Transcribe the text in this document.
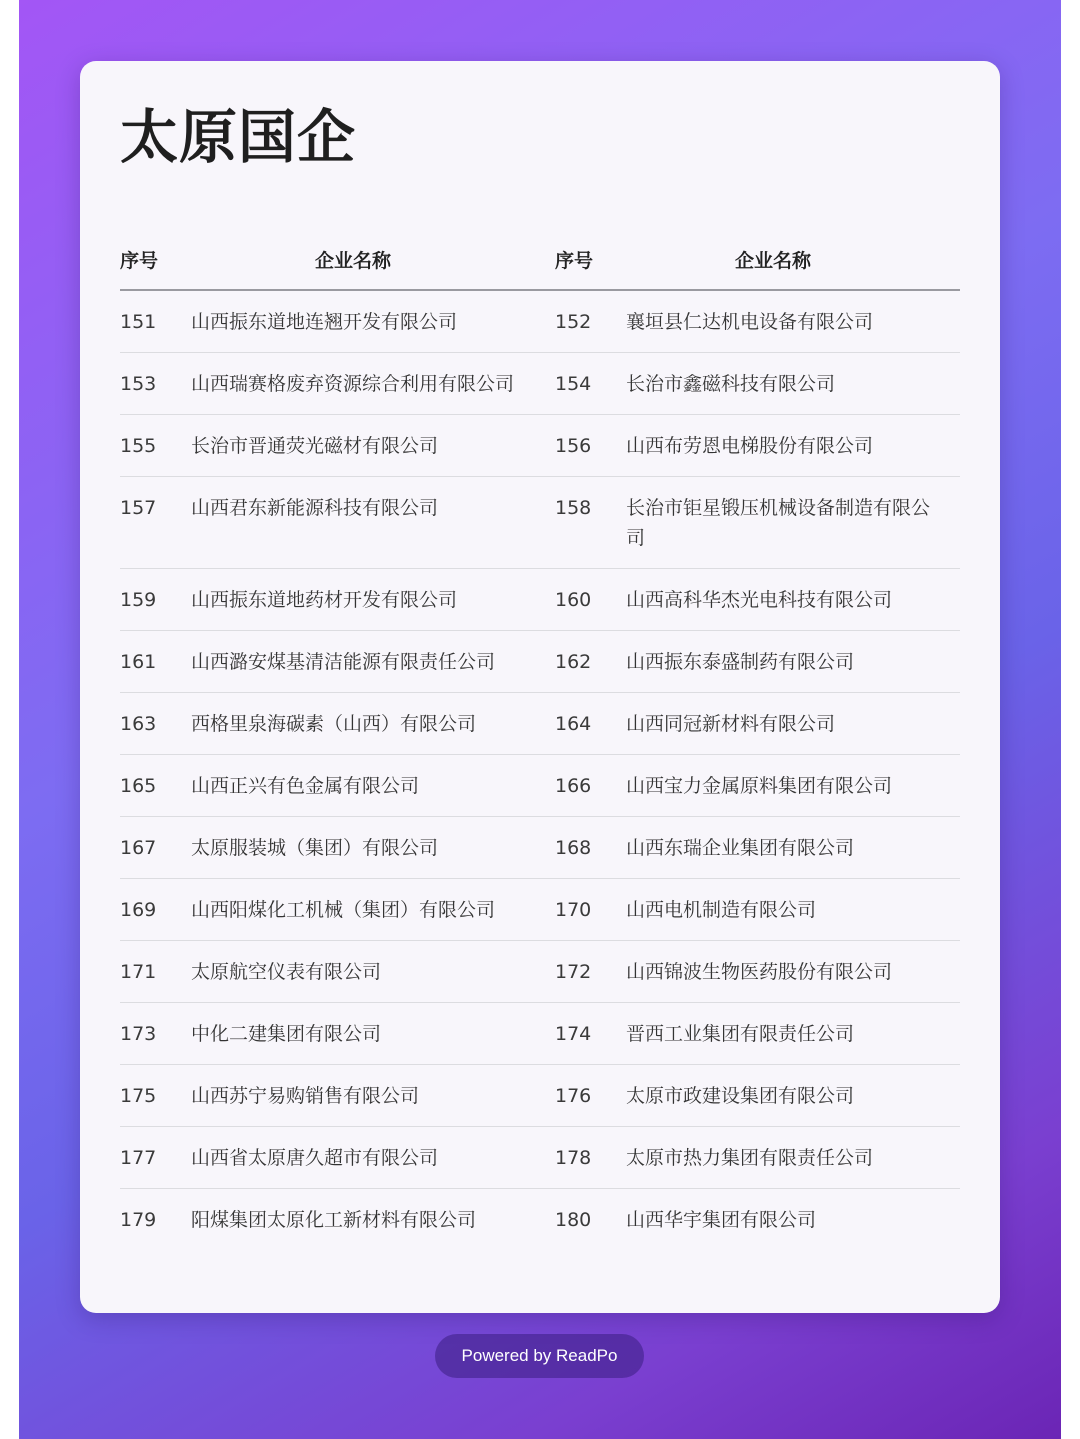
太原国企
序号	企业名称	序号	企业名称
151	山西振东道地连翘开发有限公司	152	襄垣县仁达机电设备有限公司
153	山西瑞赛格废弃资源综合利用有限公司	154	长治市鑫磁科技有限公司
155	长治市晋通荧光磁材有限公司	156	山西布劳恩电梯股份有限公司
157	山西君东新能源科技有限公司	158	长治市钜星锻压机械设备制造有限公司
159	山西振东道地药材开发有限公司	160	山西高科华杰光电科技有限公司
161	山西潞安煤基清洁能源有限责任公司	162	山西振东泰盛制药有限公司
163	西格里泉海碳素（山西）有限公司	164	山西同冠新材料有限公司
165	山西正兴有色金属有限公司	166	山西宝力金属原料集团有限公司
167	太原服装城（集团）有限公司	168	山西东瑞企业集团有限公司
169	山西阳煤化工机械（集团）有限公司	170	山西电机制造有限公司
171	太原航空仪表有限公司	172	山西锦波生物医药股份有限公司
173	中化二建集团有限公司	174	晋西工业集团有限责任公司
175	山西苏宁易购销售有限公司	176	太原市政建设集团有限公司
177	山西省太原唐久超市有限公司	178	太原市热力集团有限责任公司
179	阳煤集团太原化工新材料有限公司	180	山西华宇集团有限公司
Powered by ReadPo
